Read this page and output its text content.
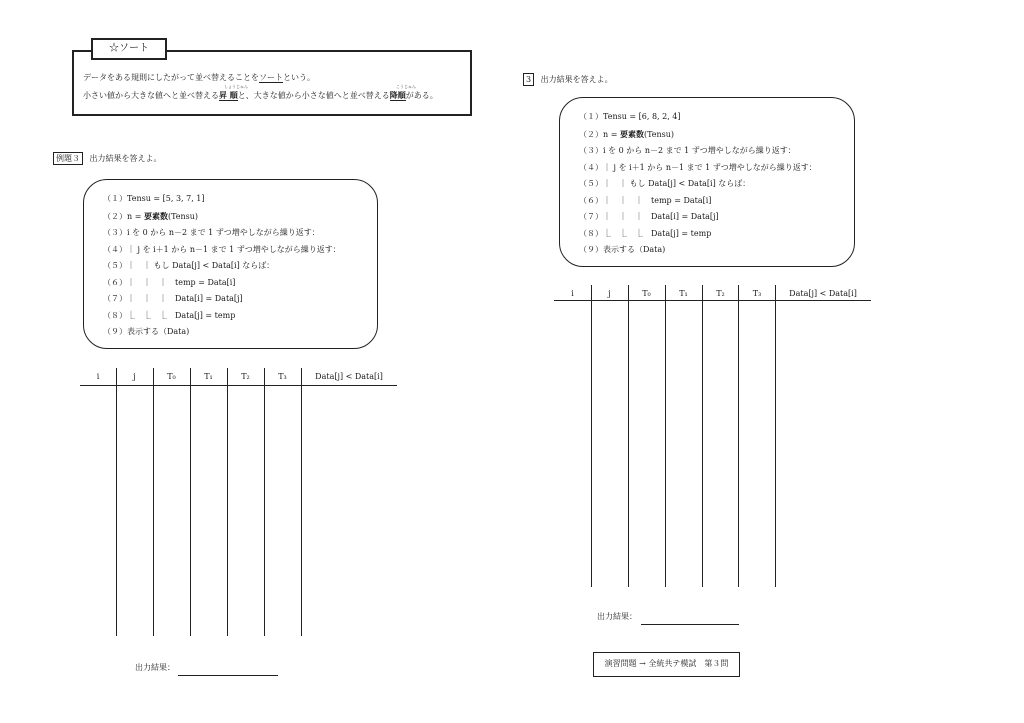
☆ソート
データをある規則にしたがって並べ替えることをソートという。
しょうじゅん	こうじゅん
小さい値から大きな値へと並べ替える昇 順と、大きな値から小さな値へと並べ替える降順がある。
例題３ 出力結果を答えよ。
（１）Tensu = [5, 3, 7, 1]
（２）n = 要素数(Tensu)
（３）i を 0 から n－2 まで 1 ずつ増やしながら繰り返す：
（４）｜ j を i＋1 から n－1 まで 1 ずつ増やしながら繰り返す：
（５）｜　｜ もし Data[j] < Data[i] ならば：
（６）｜　｜　｜　temp = Data[i]
（７）｜　｜　｜　Data[i] = Data[j]
（８）⎿　⎿　⎿　Data[j] = temp
（９）表示する（Data)
i	j	T₀	T₁	T₂	T₃	Data[j] < Data[i]
出力結果：
3 出力結果を答えよ。
（１）Tensu = [6, 8, 2, 4]
（２）n = 要素数(Tensu)
（３）i を 0 から n－2 まで 1 ずつ増やしながら繰り返す：
（４）｜ j を i＋1 から n－1 まで 1 ずつ増やしながら繰り返す：
（５）｜　｜ もし Data[j] < Data[i] ならば：
（６）｜　｜　｜　temp = Data[i]
（７）｜　｜　｜　Data[i] = Data[j]
（８）⎿　⎿　⎿　Data[j] = temp
（９）表示する（Data)
i	j	T₀	T₁	T₂	T₃	Data[j] < Data[i]
出力結果：
演習問題 → 全統共テ模試　第３問
